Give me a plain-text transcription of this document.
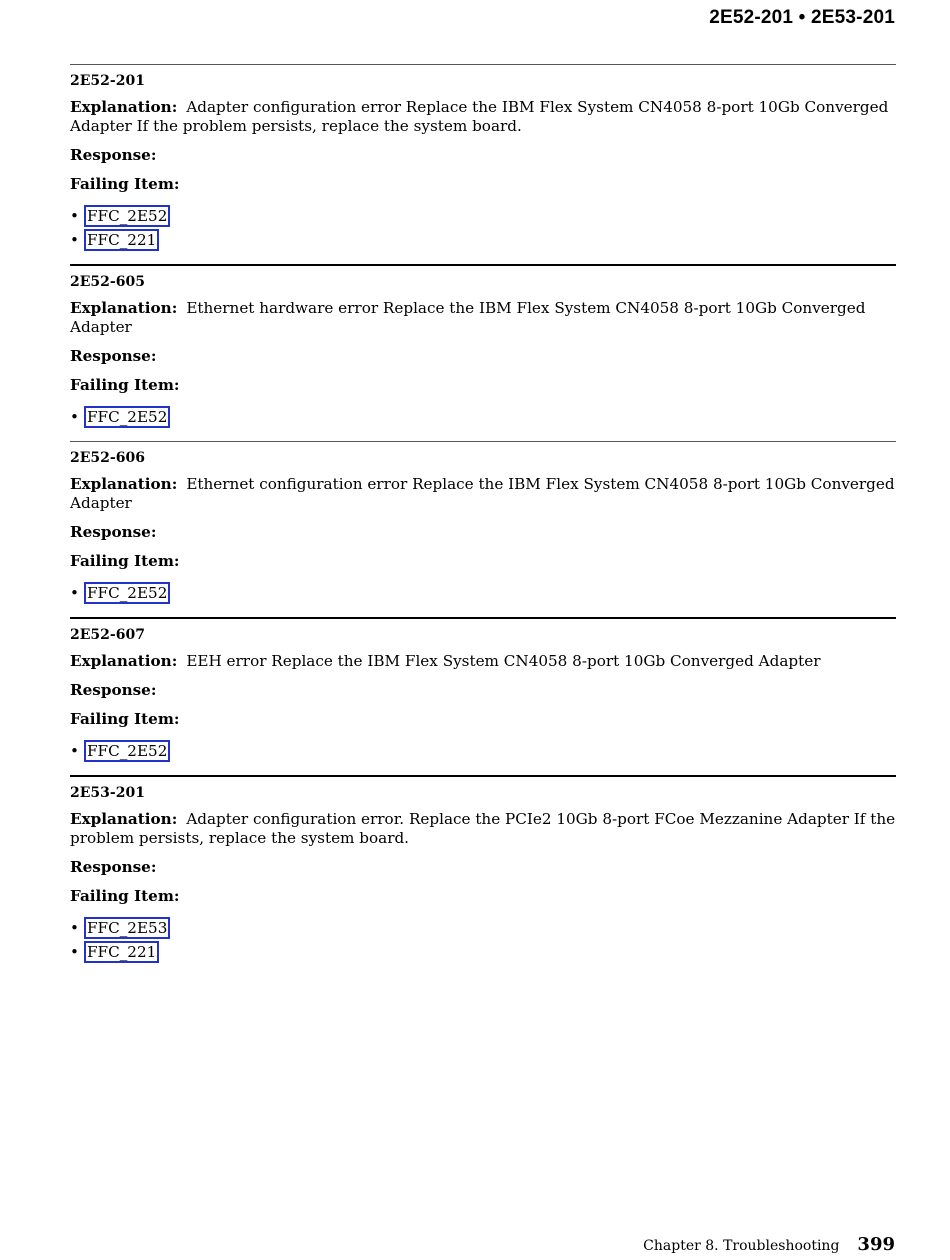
2E52-201 • 2E53-201
2E52-201

Explanation: Adapter configuration error Replace the IBM Flex System CN4058 8-port 10Gb Converged Adapter If the problem persists, replace the system board.

Response:

Failing Item:

• FFC_2E52
• FFC_221
2E52-605

Explanation: Ethernet hardware error Replace the IBM Flex System CN4058 8-port 10Gb Converged Adapter

Response:

Failing Item:

• FFC_2E52
2E52-606

Explanation: Ethernet configuration error Replace the IBM Flex System CN4058 8-port 10Gb Converged Adapter

Response:

Failing Item:

• FFC_2E52
2E52-607

Explanation: EEH error Replace the IBM Flex System CN4058 8-port 10Gb Converged Adapter

Response:

Failing Item:

• FFC_2E52
2E53-201

Explanation: Adapter configuration error. Replace the PCIe2 10Gb 8-port FCoe Mezzanine Adapter If the problem persists, replace the system board.

Response:

Failing Item:

• FFC_2E53
• FFC_221
Chapter 8. Troubleshooting 399
